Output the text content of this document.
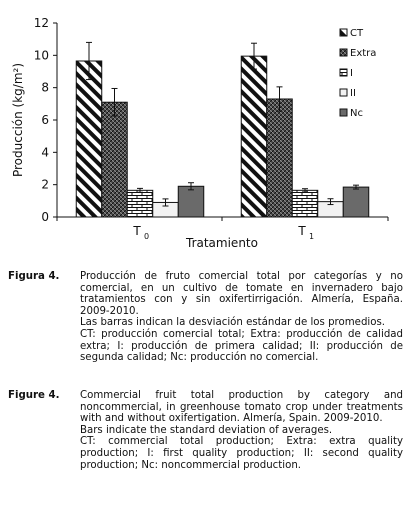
Producción (kg/m²)
0
2
4
6
8
10
12
T 0	T 1
Tratamiento
CT
Extra
I
II
Nc
Figura 4.	Producción de fruto comercial total por categorías y no comercial, en un cultivo de tomate en invernadero bajo tratamientos con y sin oxifertirrigación. Almería, España. 2009-2010.
Las barras indican la desviación estándar de los promedios.
CT: producción comercial total; Extra: producción de calidad extra; I: producción de primera calidad; II: producción de segunda calidad; Nc: producción no comercial.
Figure 4.	Commercial fruit total production by category and noncommercial, in greenhouse tomato crop under treatments with and without oxifertigation. Almería, Spain. 2009-2010.
Bars indicate the standard deviation of averages.
CT: commercial total production; Extra: extra quality production; I: first quality production; II: second quality production; Nc: noncommercial production.
